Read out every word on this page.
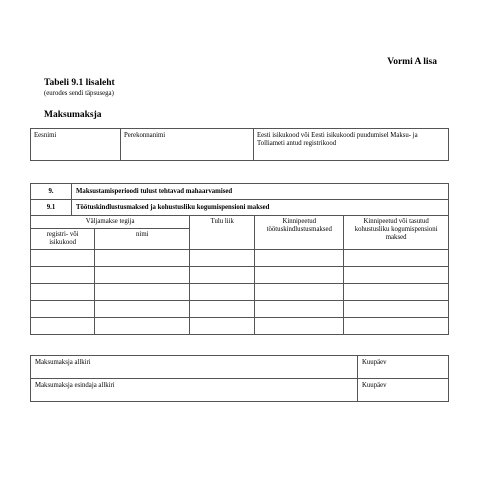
Vormi A lisa
Tabeli 9.1 lisaleht
(eurodes sendi täpsusega)
Maksumaksja
Eesnimi	Perekonnanimi	Eesti isikukood või Eesti isikukoodi puudumisel Maksu- ja Tolliameti antud registrikood
9.	Maksustamisperioodi tulust tehtavad mahaarvamised				
9.1	Töötuskindlustusmaksed ja kohustusliku kogumispensioni maksed				
Väljamakse tegija			Tulu liik	Kinnipeetud töötuskindlustusmaksed	Kinnipeetud või tasutud kohustusliku kogumispensioni maksed
registri- või isikukood		nimi			

Maksumaksja allkiri	Kuupäev
Maksumaksja esindaja allkiri	Kuupäev
